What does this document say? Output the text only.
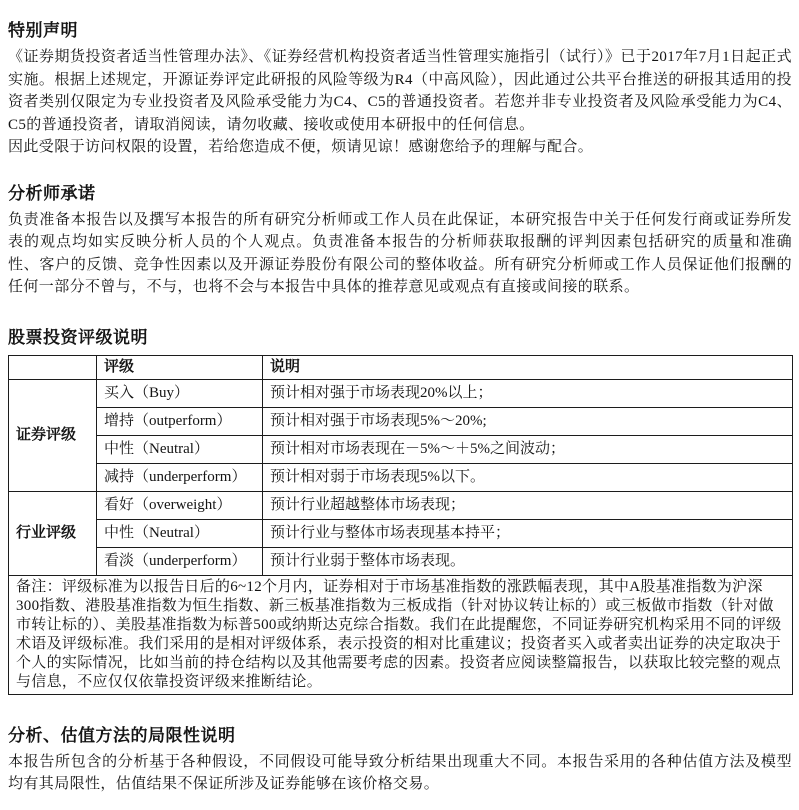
特别声明
《证券期货投资者适当性管理办法》、《证券经营机构投资者适当性管理实施指引（试行）》已于2017年7月1日起正式实施。根据上述规定，开源证券评定此研报的风险等级为R4（中高风险），因此通过公共平台推送的研报其适用的投资者类别仅限定为专业投资者及风险承受能力为C4、C5的普通投资者。若您并非专业投资者及风险承受能力为C4、C5的普通投资者，请取消阅读，请勿收藏、接收或使用本研报中的任何信息。
因此受限于访问权限的设置，若给您造成不便，烦请见谅！感谢您给予的理解与配合。
分析师承诺
负责准备本报告以及撰写本报告的所有研究分析师或工作人员在此保证，本研究报告中关于任何发行商或证券所发表的观点均如实反映分析人员的个人观点。负责准备本报告的分析师获取报酬的评判因素包括研究的质量和准确性、客户的反馈、竞争性因素以及开源证券股份有限公司的整体收益。所有研究分析师或工作人员保证他们报酬的任何一部分不曾与，不与，也将不会与本报告中具体的推荐意见或观点有直接或间接的联系。
股票投资评级说明
	评级	说明
证券评级	买入（Buy）	预计相对强于市场表现20%以上；
	增持（outperform）	预计相对强于市场表现5%～20%;
	中性（Neutral）	预计相对市场表现在－5%～＋5%之间波动；
	减持（underperform）	预计相对弱于市场表现5%以下。
行业评级	看好（overweight）	预计行业超越整体市场表现；
	中性（Neutral）	预计行业与整体市场表现基本持平；
	看淡（underperform）	预计行业弱于整体市场表现。
备注：评级标准为以报告日后的6~12个月内，证券相对于市场基准指数的涨跌幅表现，其中A股基准指数为沪深300指数、港股基准指数为恒生指数、新三板基准指数为三板成指（针对协议转让标的）或三板做市指数（针对做市转让标的）、美股基准指数为标普500或纳斯达克综合指数。我们在此提醒您，不同证券研究机构采用不同的评级术语及评级标准。我们采用的是相对评级体系，表示投资的相对比重建议；投资者买入或者卖出证券的决定取决于个人的实际情况，比如当前的持仓结构以及其他需要考虑的因素。投资者应阅读整篇报告，以获取比较完整的观点与信息，不应仅仅依靠投资评级来推断结论。		
分析、估值方法的局限性说明
本报告所包含的分析基于各种假设，不同假设可能导致分析结果出现重大不同。本报告采用的各种估值方法及模型均有其局限性，估值结果不保证所涉及证券能够在该价格交易。
